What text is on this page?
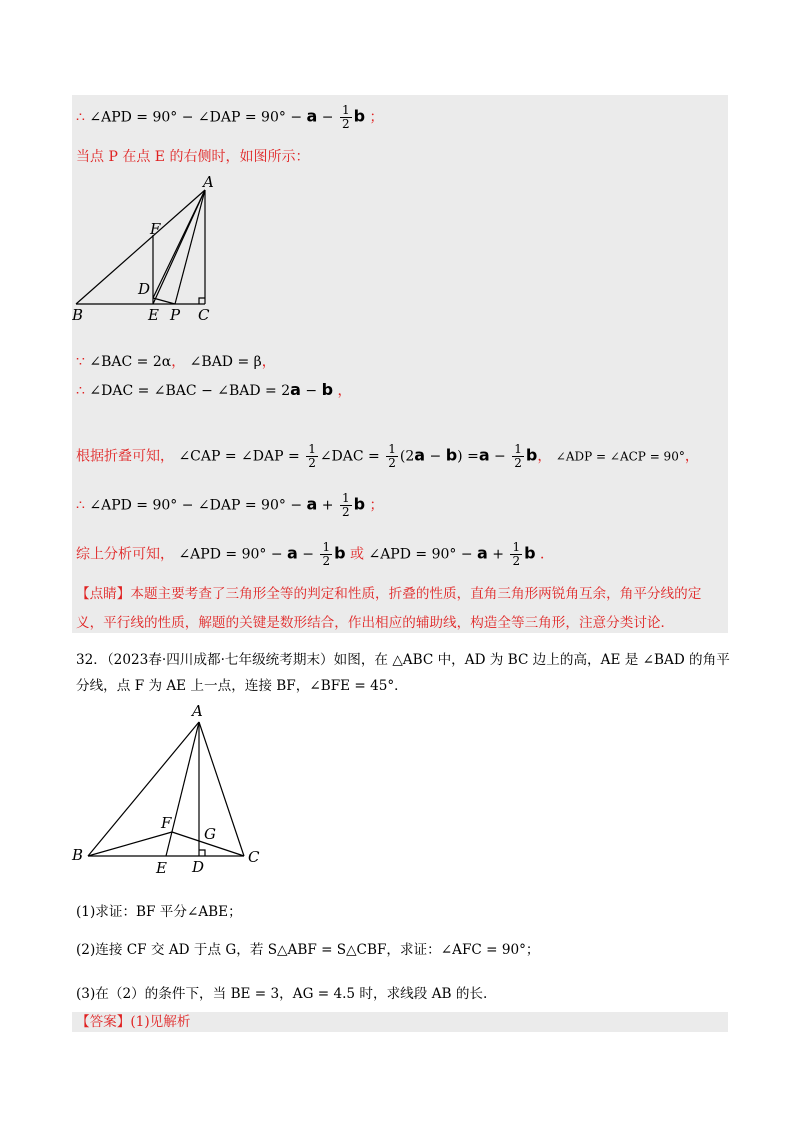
∴ ∠APD = 90° − ∠DAP = $90^\circ - a - \frac{1}{2}$ b ；
当点 P 在点 E 的右侧时，如图所示：
A
B	C
D
E
F
P
∵ ∠BAC = 2α， ∠BAD = β，
∴ ∠DAC = ∠BAC − ∠BAD = 2a − b ，
根据折叠可知， ∠CAP = ∠DAP = $\frac{1}{2}$ ∠DAC = $\frac{1}{2} (2a - b) =a - \frac{1}{2}$ b， ∠ADP = ∠ACP = 90°，
∴ ∠APD = 90° − ∠DAP = $90^\circ - a + \frac{1}{2}$ b ；
综上分析可知， ∠APD = $90^\circ - a - \frac{1}{2}$ b 或 ∠APD = $90^\circ - a + \frac{1}{2}$ b ．
【点睛】本题主要考查了三角形全等的判定和性质，折叠的性质，直角三角形两锐角互余，角平分线的定
义，平行线的性质，解题的关键是数形结合，作出相应的辅助线，构造全等三角形，注意分类讨论．
32．（2023春·四川成都·七年级统考期末）如图，在 △ABC 中，AD 为 BC 边上的高，AE 是 ∠BAD 的角平
分线，点 F 为 AE 上一点，连接 BF，∠BFE = 45°．
A
B	C
D
E
F
G
(1)求证：BF 平分∠ABE；
(2)连接 CF 交 AD 于点 G，若 S△ABF = S△CBF，求证：∠AFC = 90°；
(3)在（2）的条件下，当 BE = 3，AG = 4.5 时，求线段 AB 的长.
【答案】(1)见解析
